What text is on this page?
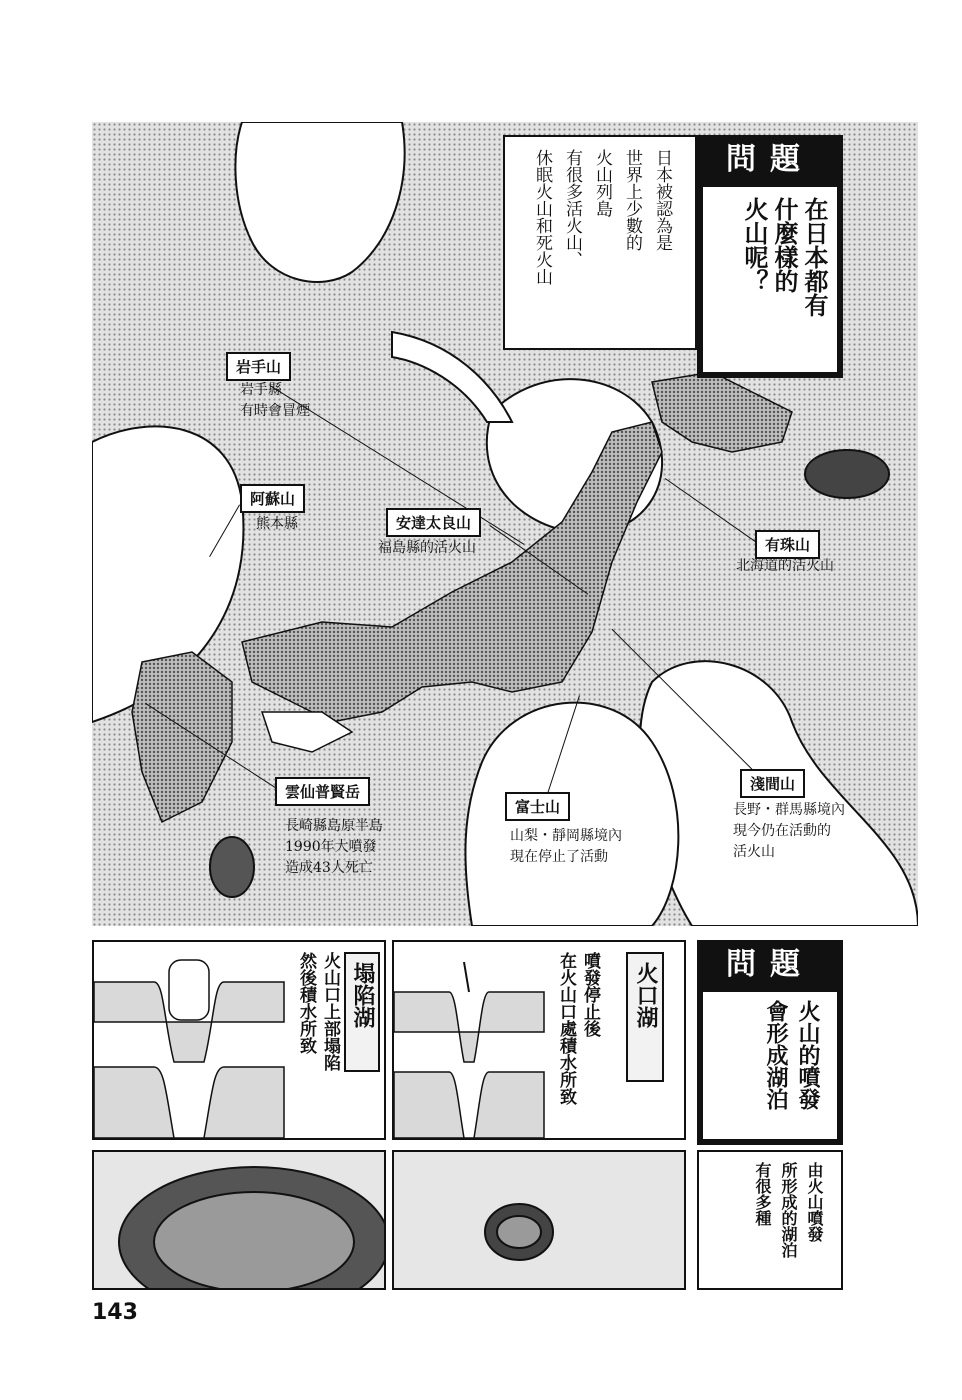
問題
在日本都有
什麼樣的
火山呢？
日本被認為是
世界上少數的
火山列島
有很多活火山、
休眠火山和死火山
岩手山
岩手縣
有時會冒煙
阿蘇山
熊本縣	安達太良山
福島縣的活火山	有珠山
北海道的活火山
雲仙普賢岳
長崎縣島原半島
1990年大噴發
造成43人死亡
富士山
山梨・靜岡縣境內
現在停止了活動
淺間山
長野・群馬縣境內
現今仍在活動的
活火山
塌陷湖
火山口上部塌陷
然後積水所致	火口湖
噴發停止後
在火山口處積水所致	問題
火山的噴發
會形成湖泊
由火山噴發
所形成的湖泊
有很多種
143
